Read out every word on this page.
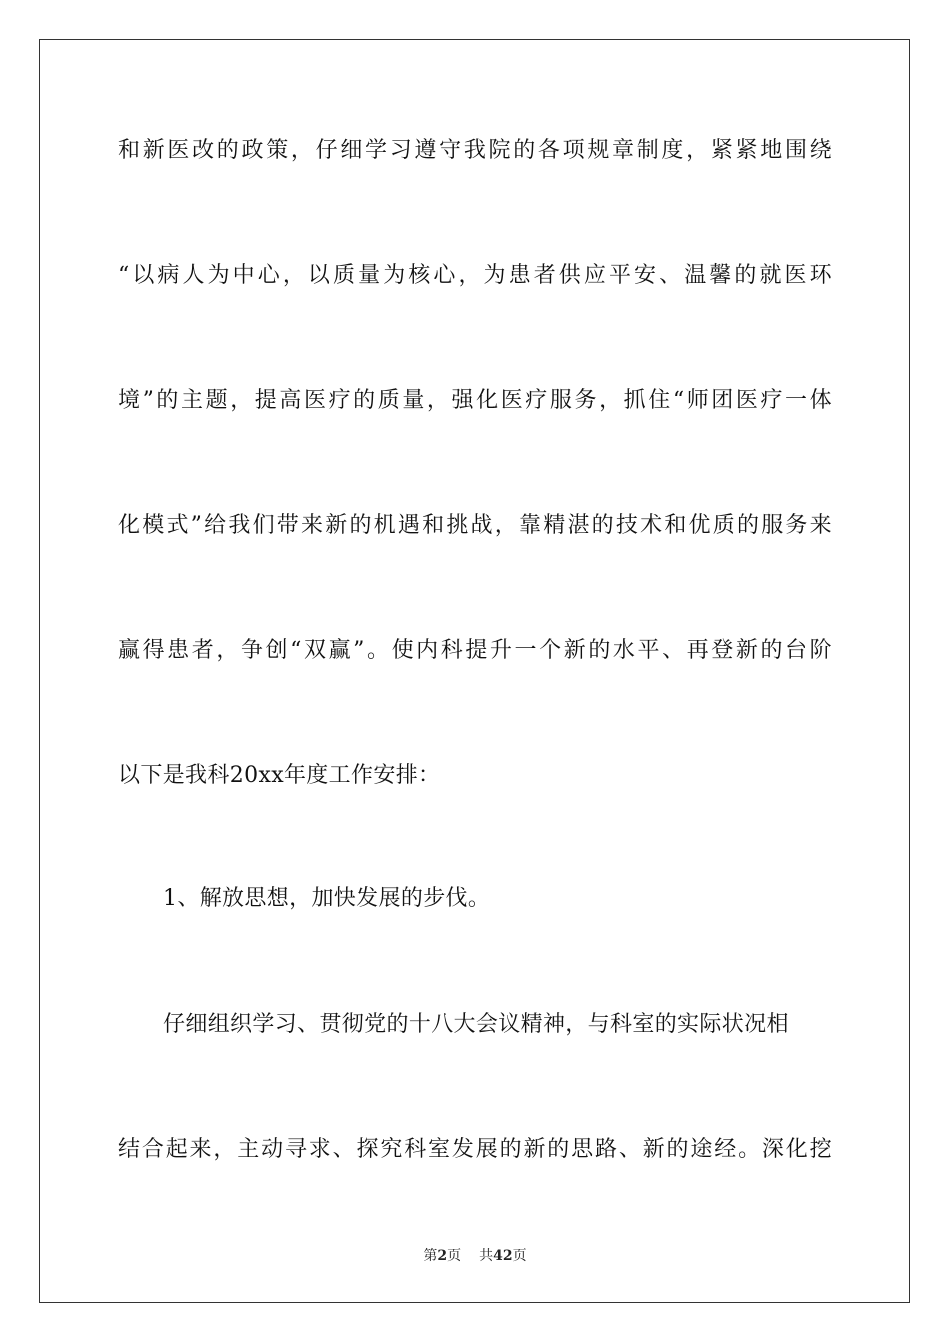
和新医改的政策，仔细学习遵守我院的各项规章制度，紧紧地围绕
“以病人为中心，以质量为核心，为患者供应平安、温馨的就医环
境”的主题，提高医疗的质量，强化医疗服务，抓住“师团医疗一体
化模式”给我们带来新的机遇和挑战，靠精湛的技术和优质的服务来
赢得患者，争创“双赢”。使内科提升一个新的水平、再登新的台阶
以下是我科20xx年度工作安排：
1、解放思想，加快发展的步伐。
仔细组织学习、贯彻党的十八大会议精神，与科室的实际状况相
结合起来，主动寻求、探究科室发展的新的思路、新的途经。深化挖
第2页 共42页
